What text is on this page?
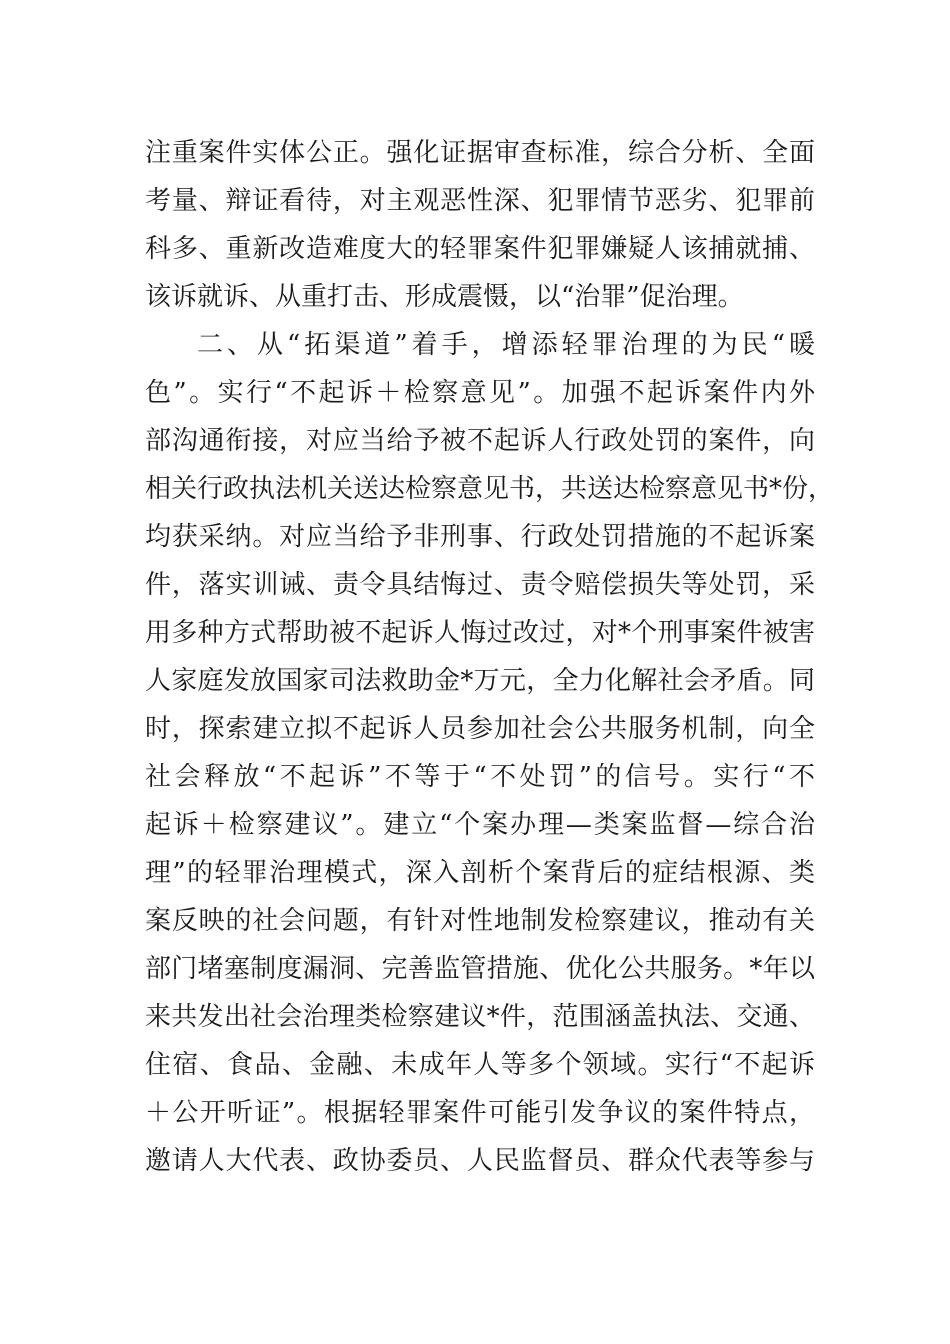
注重案件实体公正。强化证据审查标准，综合分析、全面
考量、辩证看待，对主观恶性深、犯罪情节恶劣、犯罪前
科多、重新改造难度大的轻罪案件犯罪嫌疑人该捕就捕、
该诉就诉、从重打击、形成震慑，以“治罪”促治理。
二、从“拓渠道”着手，增添轻罪治理的为民“暖
色”。实行“不起诉＋检察意见”。加强不起诉案件内外
部沟通衔接，对应当给予被不起诉人行政处罚的案件，向
相关行政执法机关送达检察意见书，共送达检察意见书*份，
均获采纳。对应当给予非刑事、行政处罚措施的不起诉案
件，落实训诫、责令具结悔过、责令赔偿损失等处罚，采
用多种方式帮助被不起诉人悔过改过，对*个刑事案件被害
人家庭发放国家司法救助金*万元，全力化解社会矛盾。同
时，探索建立拟不起诉人员参加社会公共服务机制，向全
社会释放“不起诉”不等于“不处罚”的信号。实行“不
起诉＋检察建议”。建立“个案办理—类案监督—综合治
理”的轻罪治理模式，深入剖析个案背后的症结根源、类
案反映的社会问题，有针对性地制发检察建议，推动有关
部门堵塞制度漏洞、完善监管措施、优化公共服务。*年以
来共发出社会治理类检察建议*件，范围涵盖执法、交通、
住宿、食品、金融、未成年人等多个领域。实行“不起诉
＋公开听证”。根据轻罪案件可能引发争议的案件特点，
邀请人大代表、政协委员、人民监督员、群众代表等参与
